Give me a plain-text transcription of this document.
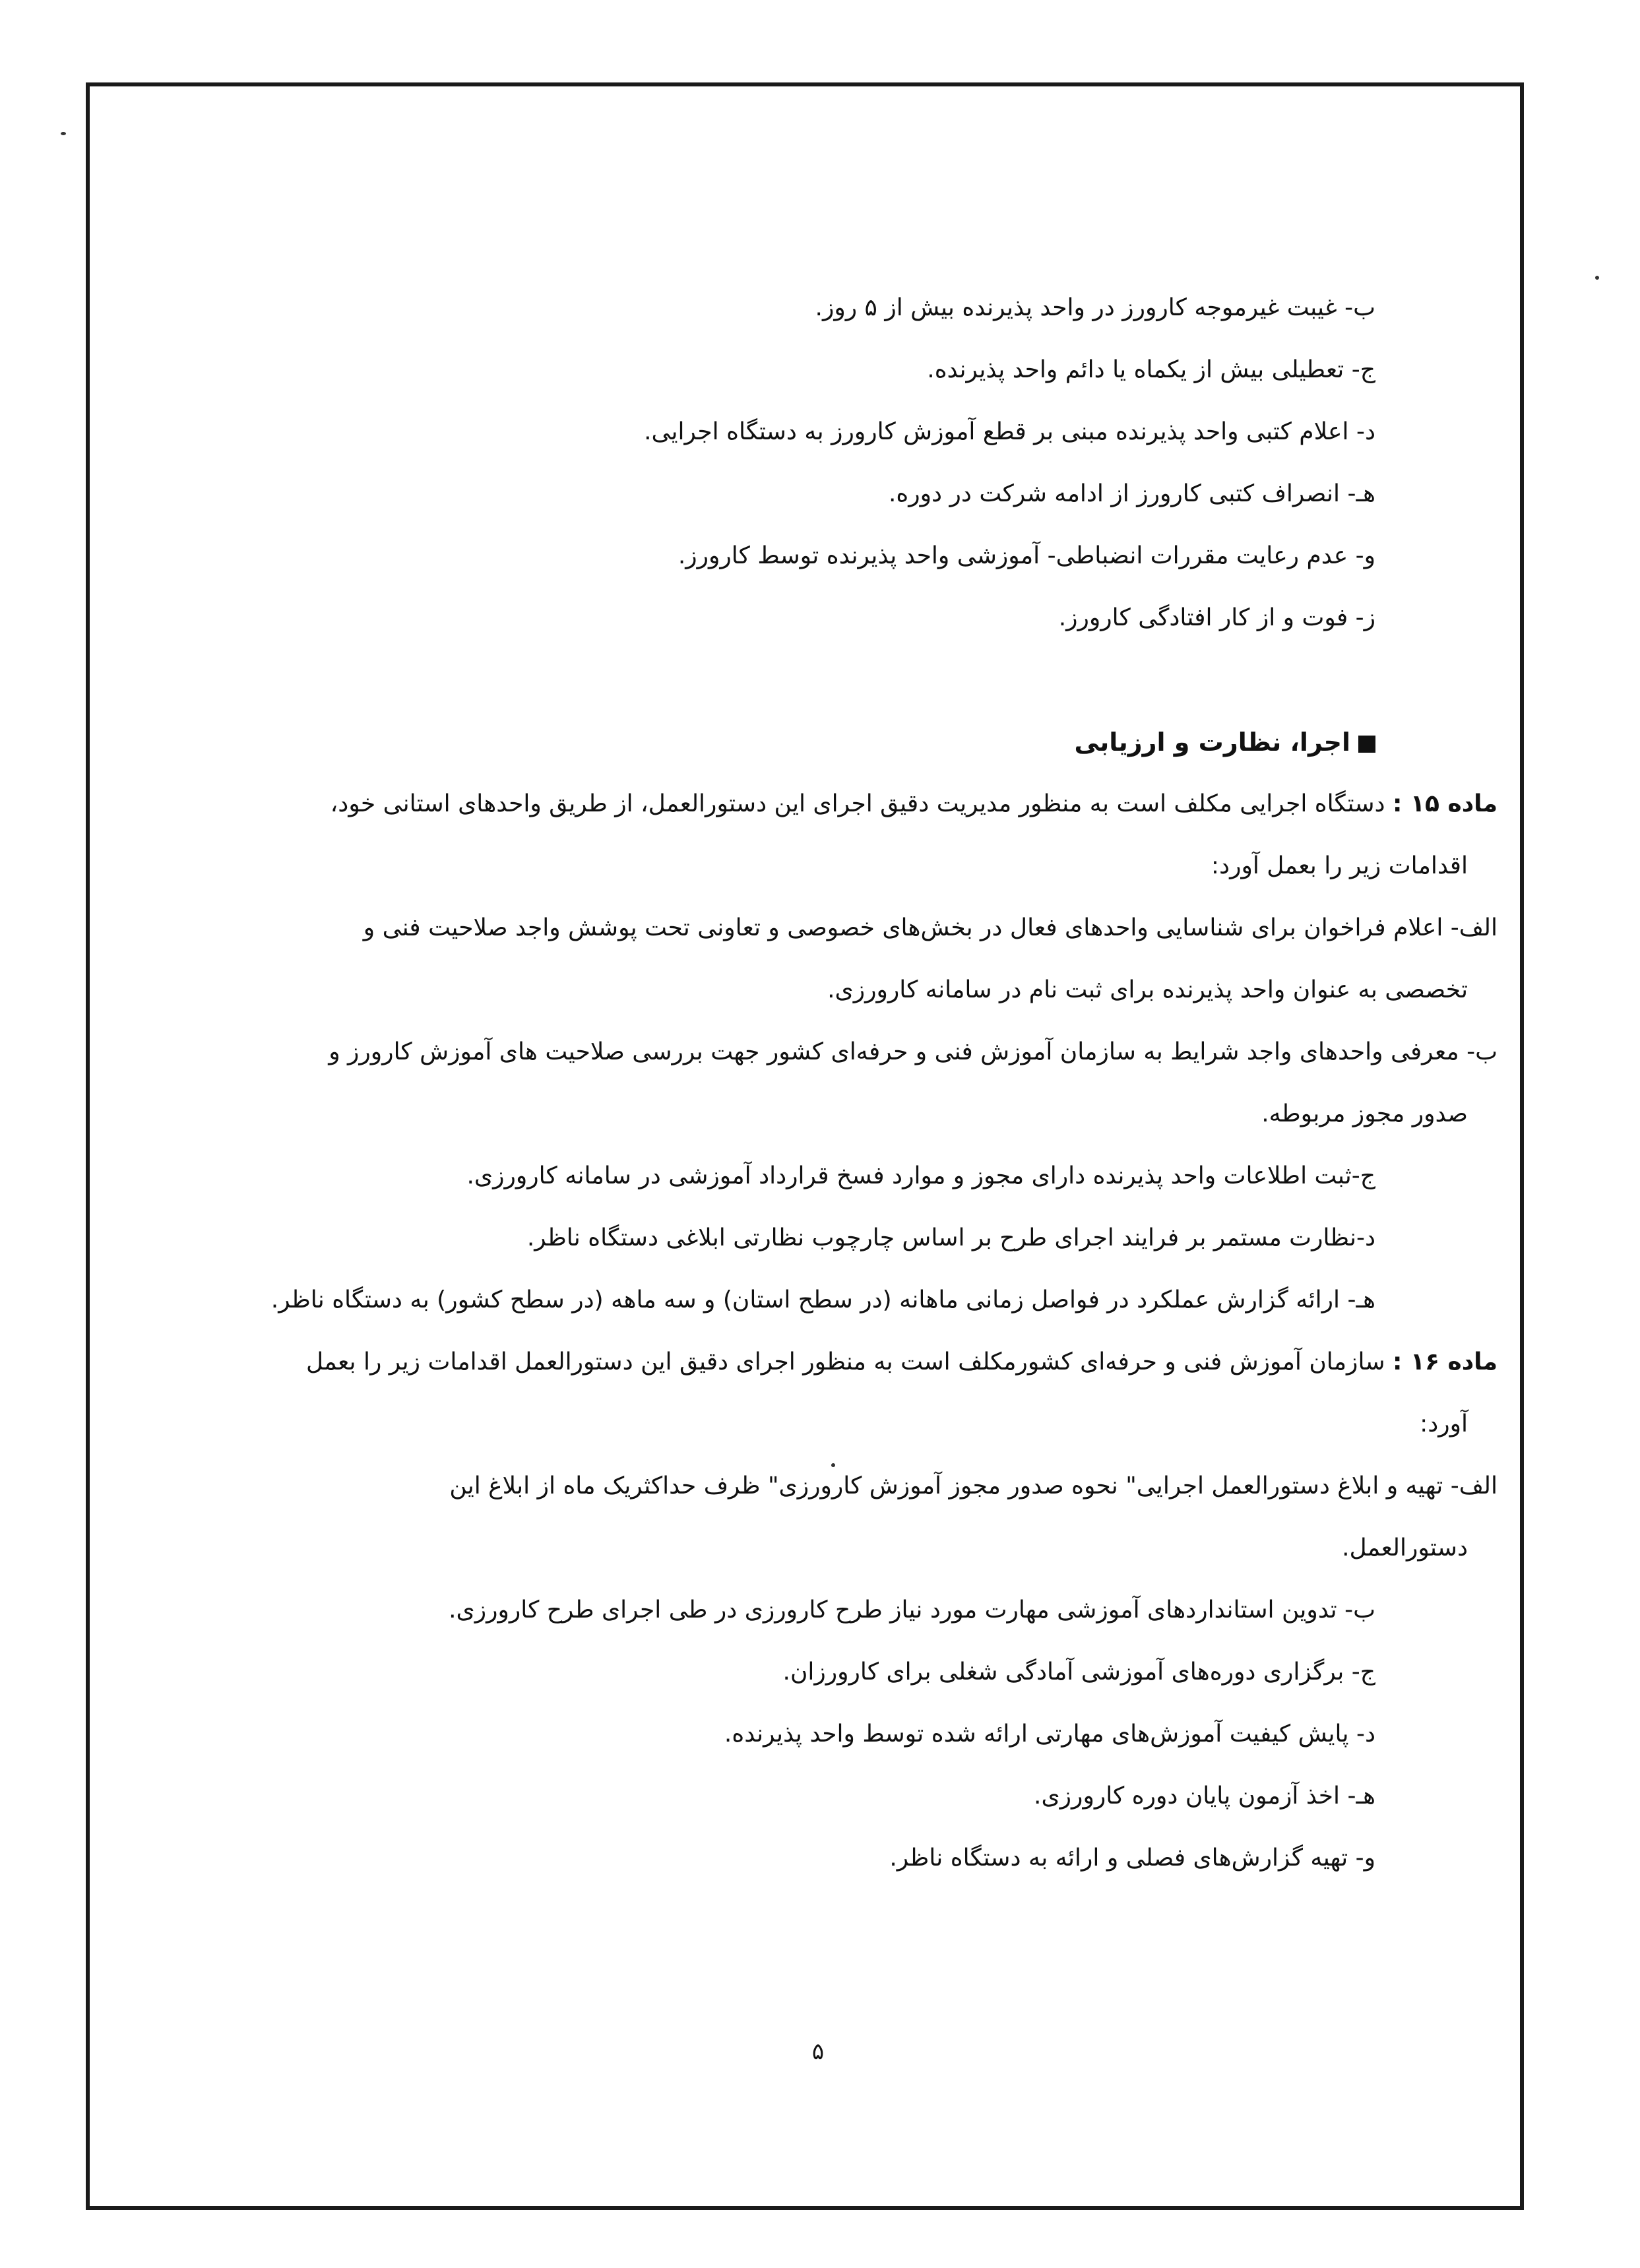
ب- غیبت غیرموجه کارورز در واحد پذیرنده بیش از ۵ روز.
ج- تعطیلی بیش از یکماه یا دائم واحد پذیرنده.
د- اعلام کتبی واحد پذیرنده مبنی بر قطع آموزش کارورز به دستگاه اجرایی.
هـ- انصراف کتبی کارورز از ادامه شرکت در دوره.
و- عدم رعایت مقررات انضباطی- آموزشی واحد پذیرنده توسط کارورز.
ز- فوت و از کار افتادگی کارورز.
اجرا، نظارت و ارزیابی
ماده ۱۵ : دستگاه اجرایی مکلف است به منظور مدیریت دقیق اجرای این دستورالعمل، از طریق واحدهای استانی خود،
اقدامات زیر را بعمل آورد:
الف- اعلام فراخوان برای شناسایی واحدهای فعال در بخش‌های خصوصی و تعاونی تحت پوشش واجد صلاحیت فنی و
تخصصی به عنوان واحد پذیرنده برای ثبت نام در سامانه کارورزی.
ب- معرفی واحدهای واجد شرایط به سازمان آموزش فنی و حرفه‌ای کشور جهت بررسی صلاحیت های آموزش کارورز و
صدور مجوز مربوطه.
ج-ثبت اطلاعات واحد پذیرنده دارای مجوز و موارد فسخ قرارداد آموزشی در سامانه کارورزی.
د-نظارت مستمر بر فرایند اجرای طرح بر اساس چارچوب نظارتی ابلاغی دستگاه ناظر.
هـ- ارائه گزارش عملکرد در فواصل زمانی ماهانه (در سطح استان) و سه ماهه (در سطح کشور) به دستگاه ناظر.
ماده ۱۶ : سازمان آموزش فنی و حرفه‌ای کشورمکلف است به منظور اجرای دقیق این دستورالعمل اقدامات زیر را بعمل
آورد:
الف- تهیه و ابلاغ دستورالعمل اجرایی" نحوه صدور مجوز آموزش کارورزی" ظرف حداکثریک ماه از ابلاغ این
دستورالعمل.
ب- تدوین استانداردهای آموزشی مهارت مورد نیاز طرح کارورزی در طی اجرای طرح کارورزی.
ج- برگزاری دوره‌های آموزشی آمادگی شغلی برای کارورزان.
د- پایش کیفیت آموزش‌های مهارتی ارائه شده توسط واحد پذیرنده.
هـ- اخذ آزمون پایان دوره کارورزی.
و- تهیه گزارش‌های فصلی و ارائه به دستگاه ناظر.
۵
